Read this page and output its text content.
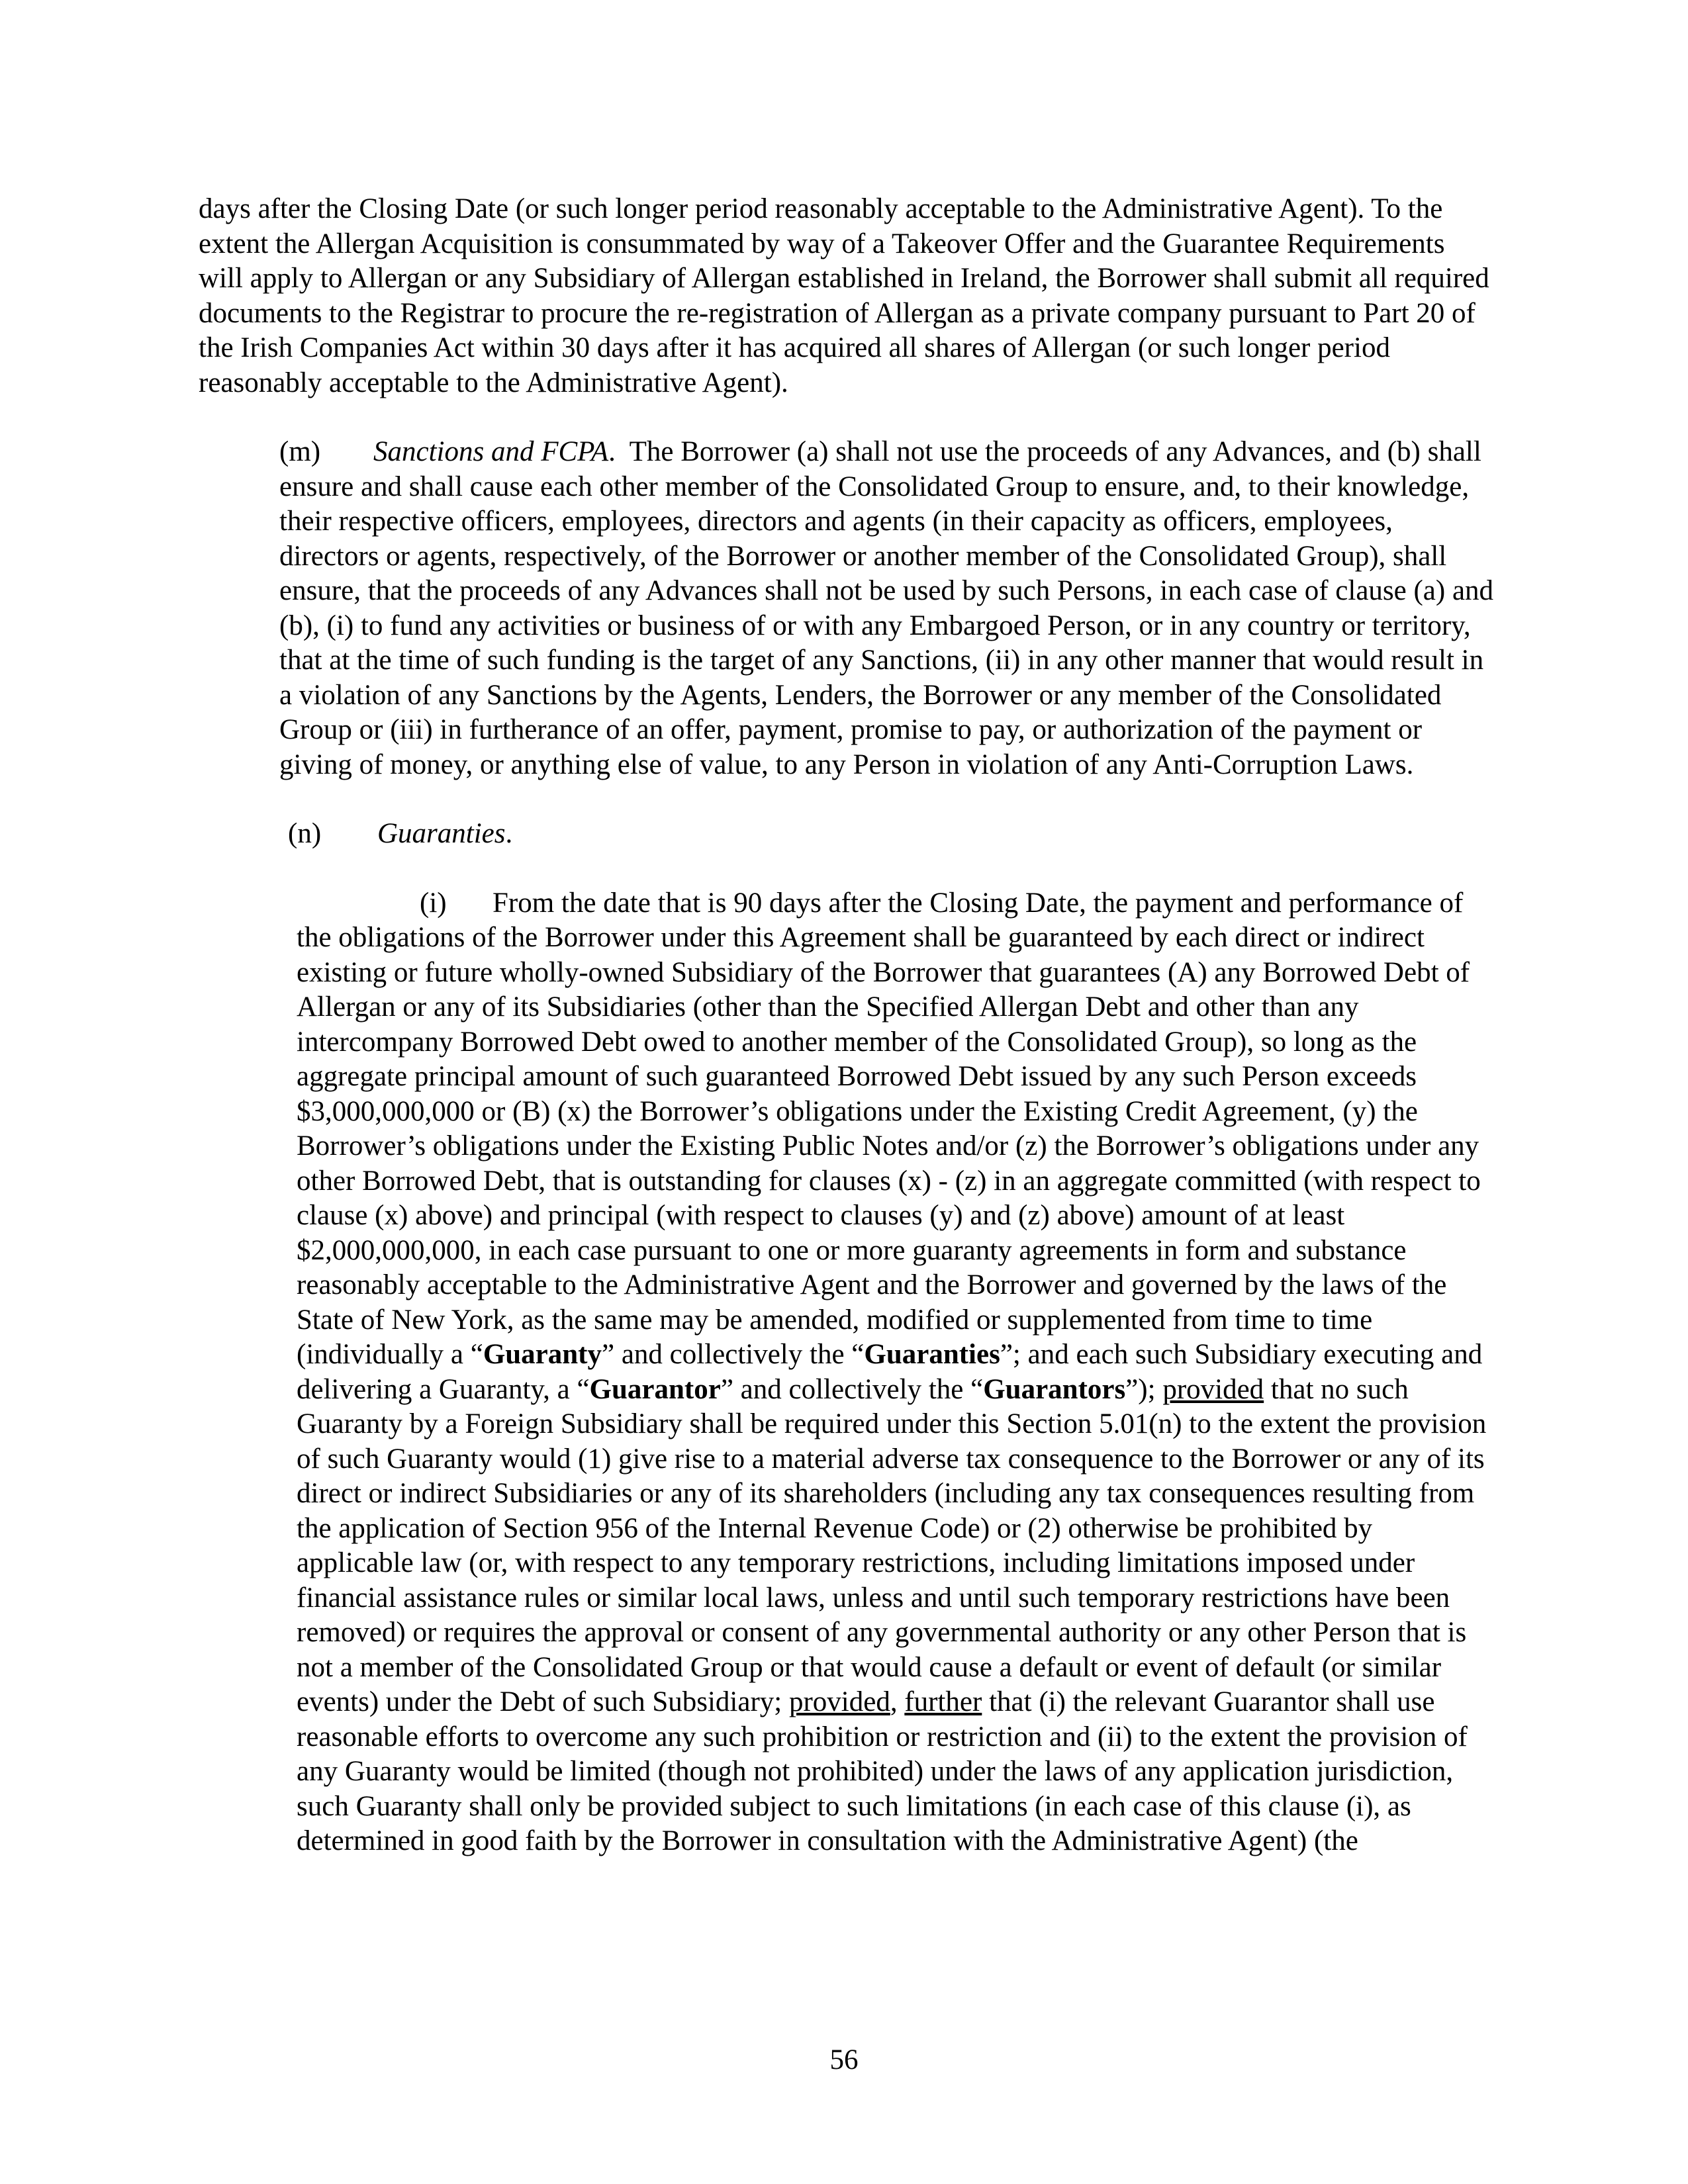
days after the Closing Date (or such longer period reasonably acceptable to the Administrative Agent). To the extent the Allergan Acquisition is consummated by way of a Takeover Offer and the Guarantee Requirements will apply to Allergan or any Subsidiary of Allergan established in Ireland, the Borrower shall submit all required documents to the Registrar to procure the re-registration of Allergan as a private company pursuant to Part 20 of the Irish Companies Act within 30 days after it has acquired all shares of Allergan (or such longer period reasonably acceptable to the Administrative Agent).

(m) Sanctions and FCPA.  The Borrower (a) shall not use the proceeds of any Advances, and (b) shall ensure and shall cause each other member of the Consolidated Group to ensure, and, to their knowledge, their respective officers, employees, directors and agents (in their capacity as officers, employees, directors or agents, respectively, of the Borrower or another member of the Consolidated Group), shall ensure, that the proceeds of any Advances shall not be used by such Persons, in each case of clause (a) and (b), (i) to fund any activities or business of or with any Embargoed Person, or in any country or territory, that at the time of such funding is the target of any Sanctions, (ii) in any other manner that would result in a violation of any Sanctions by the Agents, Lenders, the Borrower or any member of the Consolidated Group or (iii) in furtherance of an offer, payment, promise to pay, or authorization of the payment or giving of money, or anything else of value, to any Person in violation of any Anti-Corruption Laws.

(n) Guaranties.

(i) From the date that is 90 days after the Closing Date, the payment and performance of the obligations of the Borrower under this Agreement shall be guaranteed by each direct or indirect existing or future wholly-owned Subsidiary of the Borrower that guarantees (A) any Borrowed Debt of Allergan or any of its Subsidiaries (other than the Specified Allergan Debt and other than any intercompany Borrowed Debt owed to another member of the Consolidated Group), so long as the aggregate principal amount of such guaranteed Borrowed Debt issued by any such Person exceeds $3,000,000,000 or (B) (x) the Borrower’s obligations under the Existing Credit Agreement, (y) the Borrower’s obligations under the Existing Public Notes and/or (z) the Borrower’s obligations under any other Borrowed Debt, that is outstanding for clauses (x) - (z) in an aggregate committed (with respect to clause (x) above) and principal (with respect to clauses (y) and (z) above) amount of at least $2,000,000,000, in each case pursuant to one or more guaranty agreements in form and substance reasonably acceptable to the Administrative Agent and the Borrower and governed by the laws of the State of New York, as the same may be amended, modified or supplemented from time to time (individually a “Guaranty” and collectively the “Guaranties”; and each such Subsidiary executing and delivering a Guaranty, a “Guarantor” and collectively the “Guarantors”); provided that no such Guaranty by a Foreign Subsidiary shall be required under this Section 5.01(n) to the extent the provision of such Guaranty would (1) give rise to a material adverse tax consequence to the Borrower or any of its direct or indirect Subsidiaries or any of its shareholders (including any tax consequences resulting from the application of Section 956 of the Internal Revenue Code) or (2) otherwise be prohibited by applicable law (or, with respect to any temporary restrictions, including limitations imposed under financial assistance rules or similar local laws, unless and until such temporary restrictions have been removed) or requires the approval or consent of any governmental authority or any other Person that is not a member of the Consolidated Group or that would cause a default or event of default (or similar events) under the Debt of such Subsidiary; provided, further that (i) the relevant Guarantor shall use reasonable efforts to overcome any such prohibition or restriction and (ii) to the extent the provision of any Guaranty would be limited (though not prohibited) under the laws of any application jurisdiction, such Guaranty shall only be provided subject to such limitations (in each case of this clause (i), as determined in good faith by the Borrower in consultation with the Administrative Agent) (the

56
